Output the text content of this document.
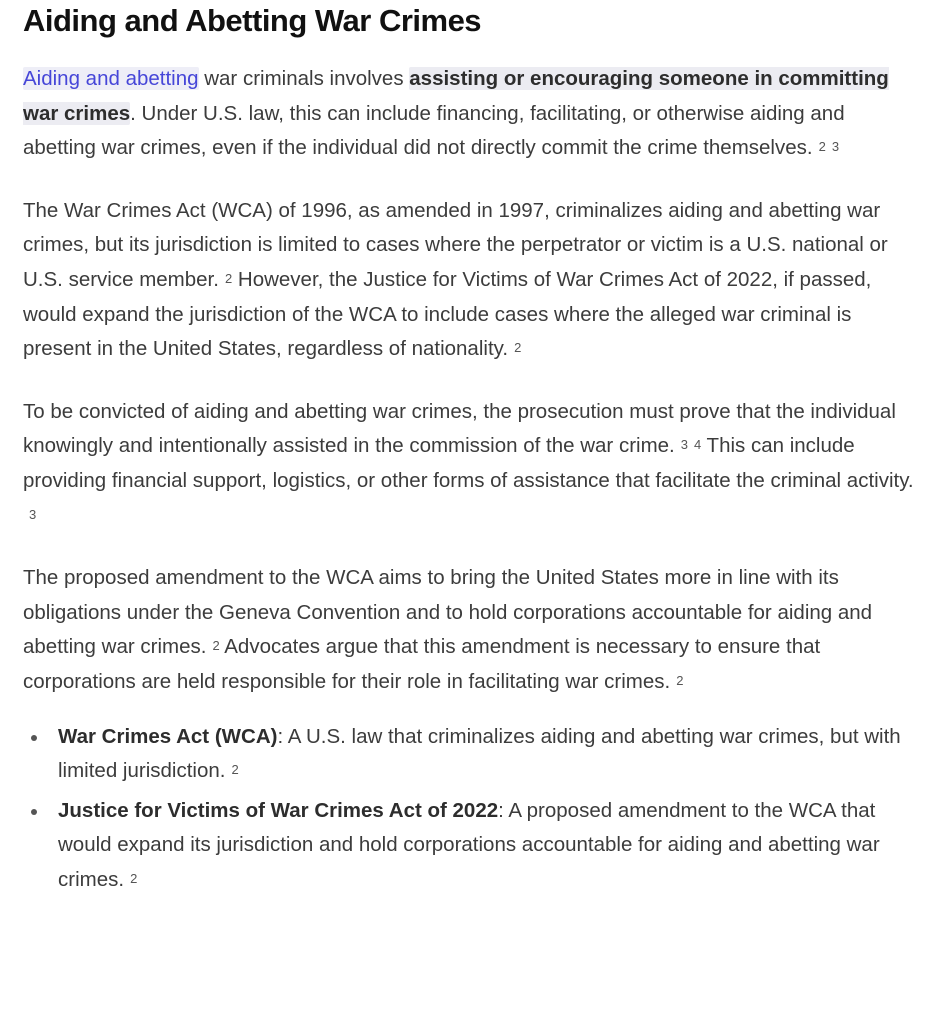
Aiding and Abetting War Crimes

Aiding and abetting war criminals involves assisting or encouraging someone in committing war crimes. Under U.S. law, this can include financing, facilitating, or otherwise aiding and abetting war crimes, even if the individual did not directly commit the crime themselves. 2 3

The War Crimes Act (WCA) of 1996, as amended in 1997, criminalizes aiding and abetting war crimes, but its jurisdiction is limited to cases where the perpetrator or victim is a U.S. national or U.S. service member. 2 However, the Justice for Victims of War Crimes Act of 2022, if passed, would expand the jurisdiction of the WCA to include cases where the alleged war criminal is present in the United States, regardless of nationality. 2

To be convicted of aiding and abetting war crimes, the prosecution must prove that the individual knowingly and intentionally assisted in the commission of the war crime. 3 4 This can include providing financial support, logistics, or other forms of assistance that facilitate the criminal activity.3

The proposed amendment to the WCA aims to bring the United States more in line with its obligations under the Geneva Convention and to hold corporations accountable for aiding and abetting war crimes. 2 Advocates argue that this amendment is necessary to ensure that corporations are held responsible for their role in facilitating war crimes. 2

War Crimes Act (WCA): A U.S. law that criminalizes aiding and abetting war crimes, but with limited jurisdiction. 2
Justice for Victims of War Crimes Act of 2022: A proposed amendment to the WCA that would expand its jurisdiction and hold corporations accountable for aiding and abetting war crimes. 2
